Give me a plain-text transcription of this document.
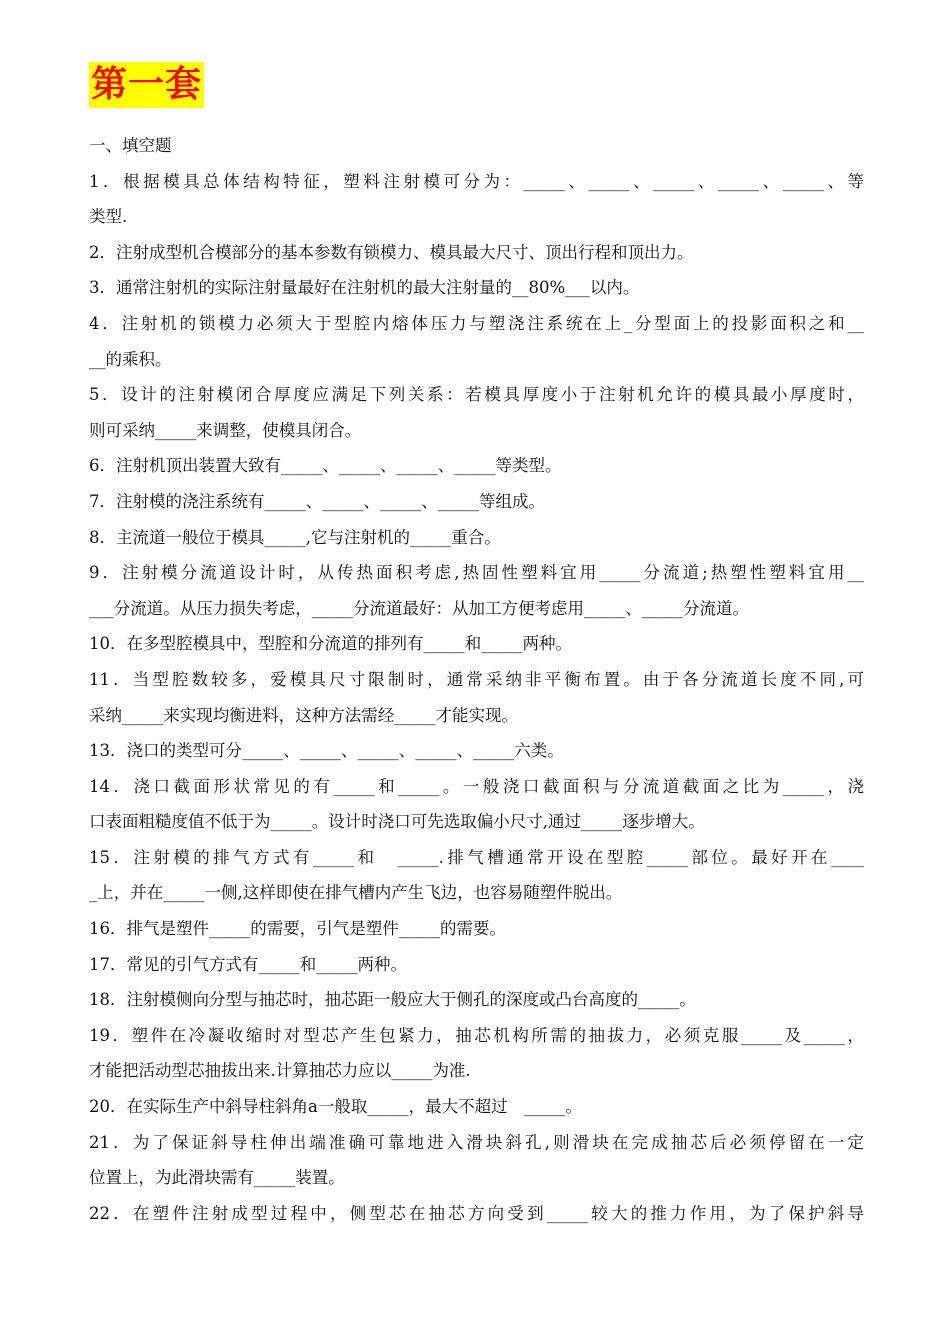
第一套
一、填空题
1．根据模具总体结构特征，塑料注射模可分为：_____、_____、_____、_____、_____、等
类型.
2．注射成型机合模部分的基本参数有锁模力、模具最大尺寸、顶出行程和顶出力。
3．通常注射机的实际注射量最好在注射机的最大注射量的__80%___以内。
4．注射机的锁模力必须大于型腔内熔体压力与塑浇注系统在上_分型面上的投影面积之和__
__的乘积。
5．设计的注射模闭合厚度应满足下列关系：若模具厚度小于注射机允许的模具最小厚度时，
则可采纳_____来调整，使模具闭合。
6．注射机顶出装置大致有_____、_____、_____、_____等类型。
7．注射模的浇注系统有_____、_____、_____、_____等组成。
8．主流道一般位于模具_____,它与注射机的_____重合。
9．注射模分流道设计时，从传热面积考虑,热固性塑料宜用_____分流道;热塑性塑料宜用__
___分流道。从压力损失考虑，_____分流道最好：从加工方便考虑用_____、_____分流道。
10．在多型腔模具中，型腔和分流道的排列有_____和_____两种。
11．当型腔数较多，爱模具尺寸限制时，通常采纳非平衡布置。由于各分流道长度不同,可
采纳_____来实现均衡进料，这种方法需经_____才能实现。
13．浇口的类型可分_____、_____、_____、_____、_____六类。
14．浇口截面形状常见的有_____和_____。一般浇口截面积与分流道截面之比为_____，浇
口表面粗糙度值不低于为_____。设计时浇口可先选取偏小尺寸,通过_____逐步增大。
15．注射模的排气方式有_____和　_____.排气槽通常开设在型腔_____部位。最好开在____
_上，并在_____一侧,这样即使在排气槽内产生飞边，也容易随塑件脱出。
16．排气是塑件_____的需要，引气是塑件_____的需要。
17．常见的引气方式有_____和_____两种。
18．注射模侧向分型与抽芯时，抽芯距一般应大于侧孔的深度或凸台高度的_____。
19．塑件在冷凝收缩时对型芯产生包紧力，抽芯机构所需的抽拔力，必须克服_____及_____，
才能把活动型芯抽拔出来.计算抽芯力应以_____为准.
20．在实际生产中斜导柱斜角a一般取_____，最大不超过　_____。
21．为了保证斜导柱伸出端准确可靠地进入滑块斜孔,则滑块在完成抽芯后必须停留在一定
位置上，为此滑块需有_____装置。
22．在塑件注射成型过程中，侧型芯在抽芯方向受到_____较大的推力作用，为了保护斜导
